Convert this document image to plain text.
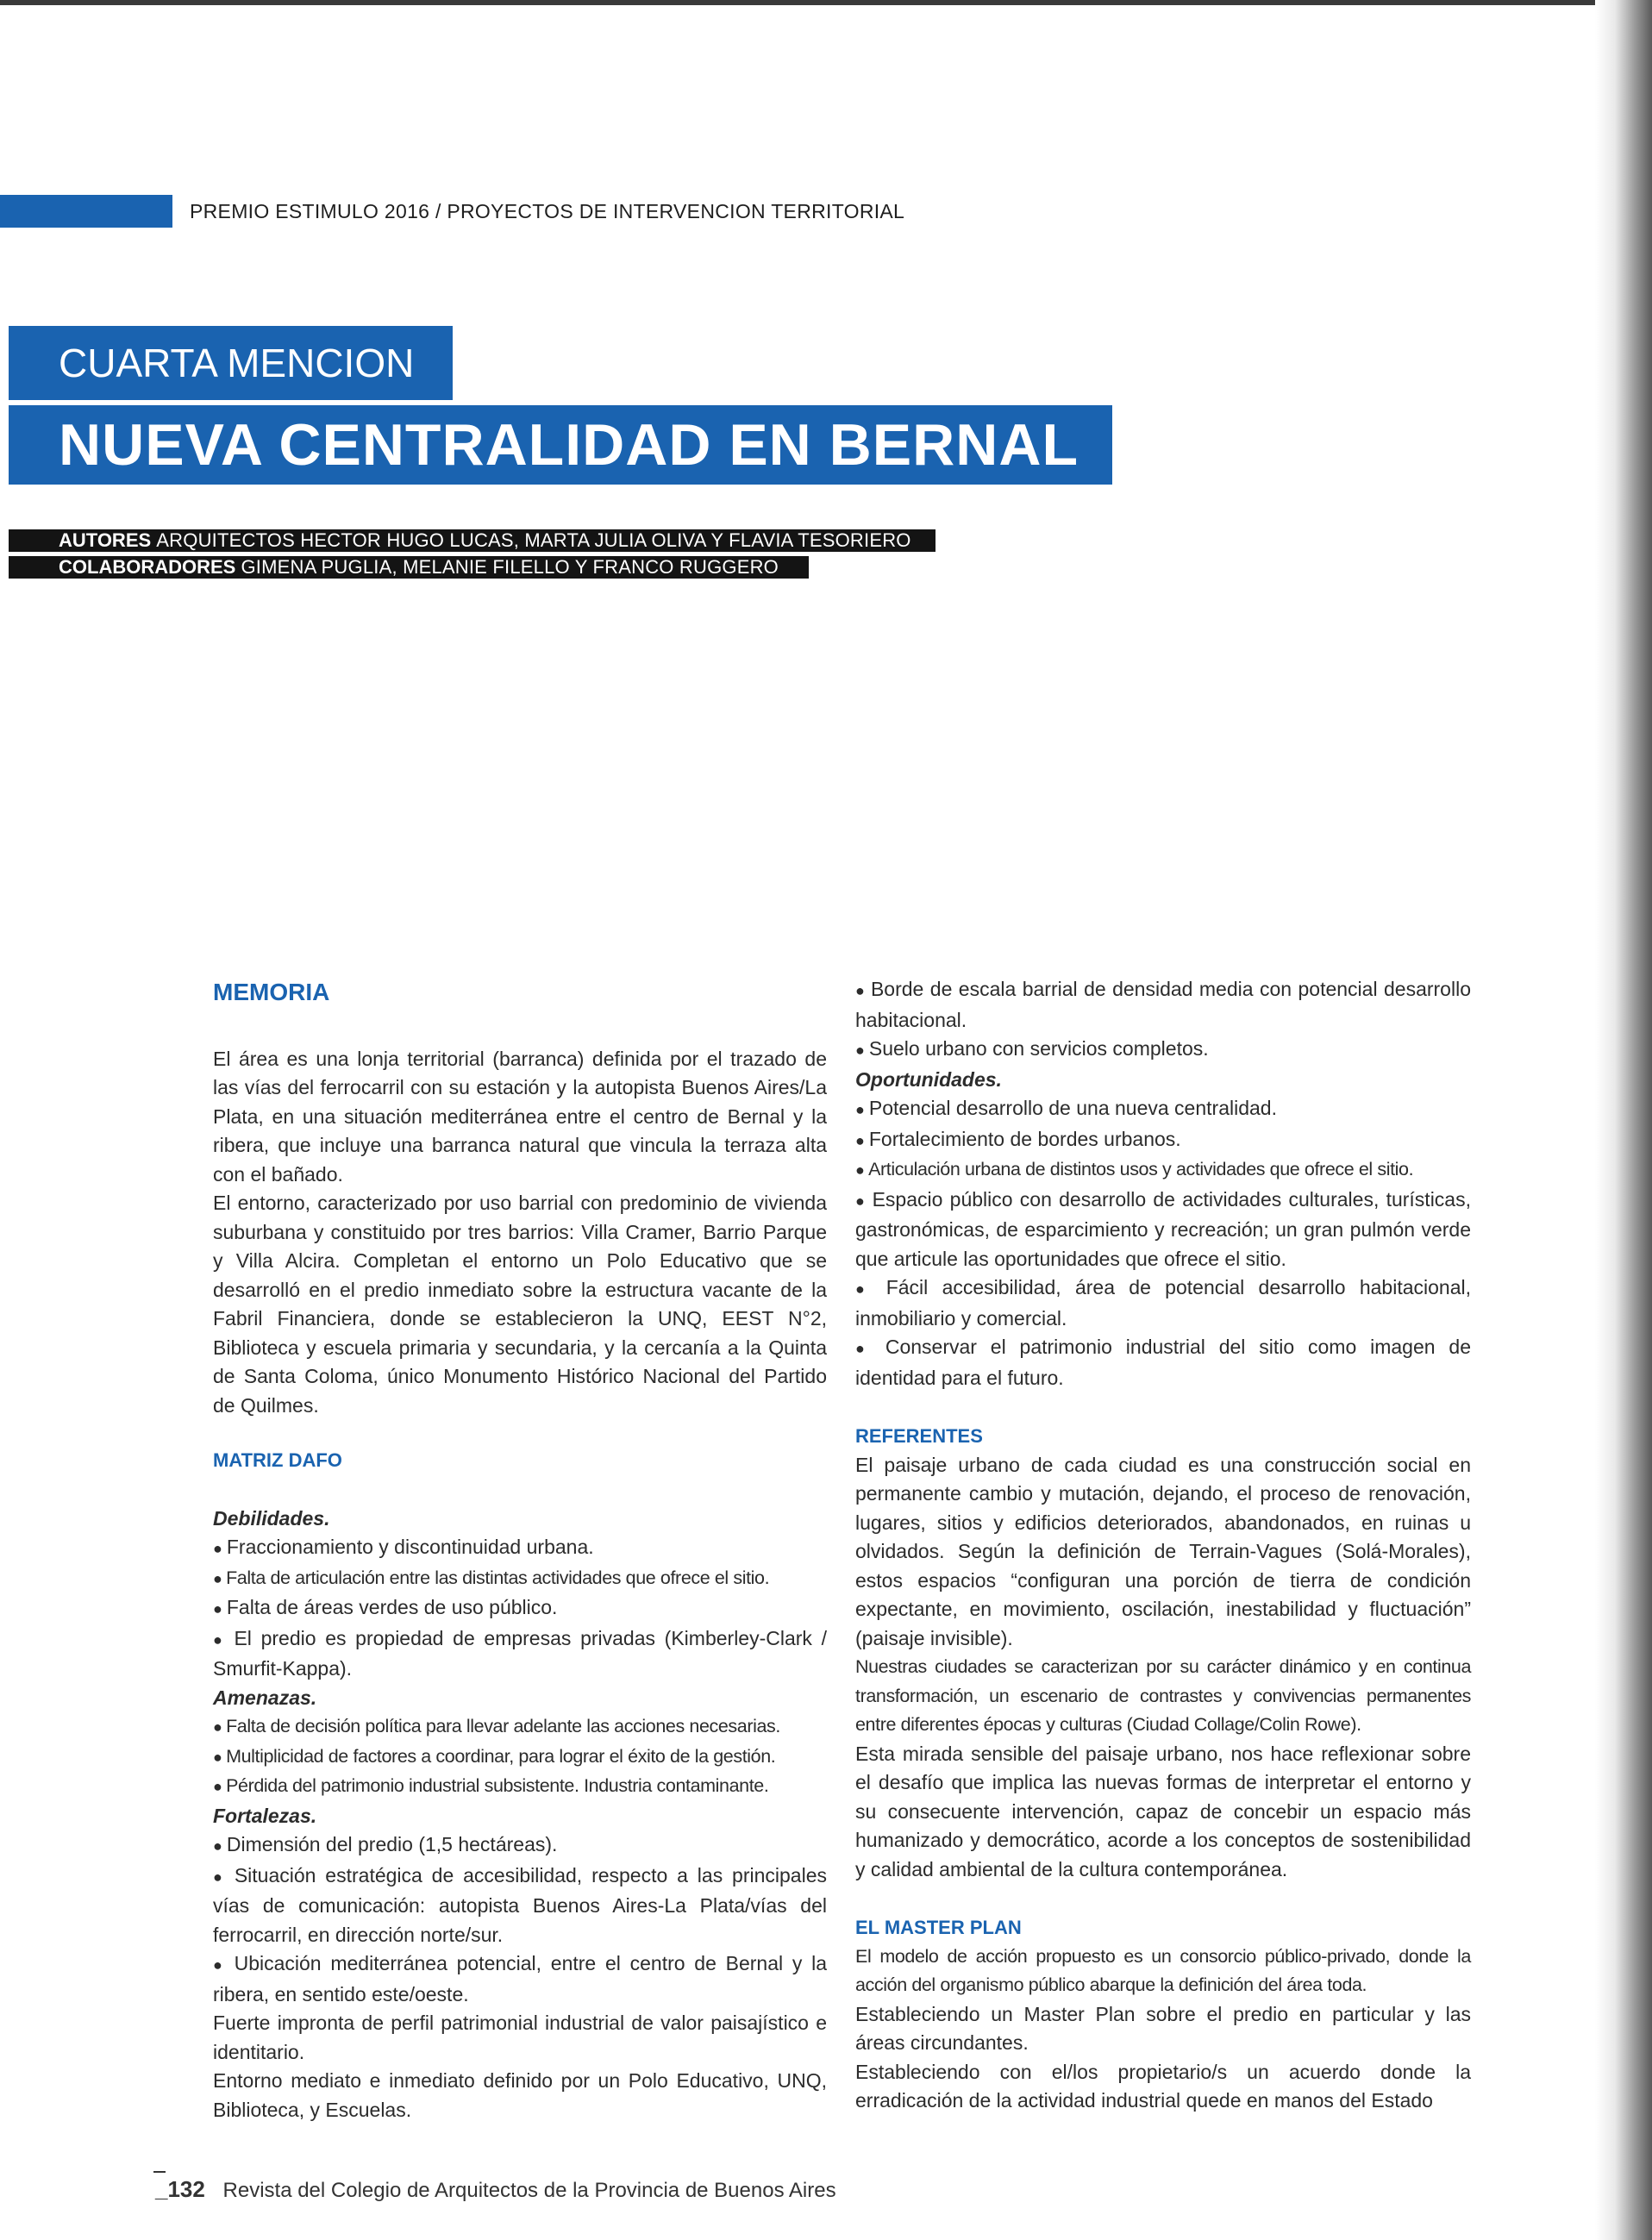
PREMIO ESTIMULO 2016 / PROYECTOS DE INTERVENCION TERRITORIAL
CUARTA MENCION
NUEVA CENTRALIDAD EN BERNAL
AUTORES ARQUITECTOS HECTOR HUGO LUCAS, MARTA JULIA OLIVA Y FLAVIA TESORIERO
COLABORADORES GIMENA PUGLIA, MELANIE FILELLO Y FRANCO RUGGERO

MEMORIA

El área es una lonja territorial (barranca) definida por el trazado de las vías del ferrocarril con su estación y la autopista Buenos Aires/La Plata, en una situación mediterránea entre el centro de Bernal y la ribera, que incluye una barranca natural que vincula la terraza alta con el bañado.

El entorno, caracterizado por uso barrial con predominio de vivienda suburbana y constituido por tres barrios: Villa Cramer, Barrio Parque y Villa Alcira. Completan el entorno un Polo Educativo que se desarrolló en el predio inmediato sobre la estructura vacante de la Fabril Financiera, donde se establecieron la UNQ, EEST N°2, Biblioteca y escuela primaria y secundaria, y la cercanía a la Quinta de Santa Coloma, único Monumento Histórico Nacional del Partido de Quilmes.

MATRIZ DAFO

Debilidades.

● Fraccionamiento y discontinuidad urbana.

● Falta de articulación entre las distintas actividades que ofrece el sitio.

● Falta de áreas verdes de uso público.

● El predio es propiedad de empresas privadas (Kimberley-Clark / Smurfit-Kappa).

Amenazas.

● Falta de decisión política para llevar adelante las acciones necesarias.

● Multiplicidad de factores a coordinar, para lograr el éxito de la gestión.

● Pérdida del patrimonio industrial subsistente. Industria contaminante.

Fortalezas.

● Dimensión del predio (1,5 hectáreas).

● Situación estratégica de accesibilidad, respecto a las principales vías de comunicación: autopista Buenos Aires-La Plata/vías del ferrocarril, en dirección norte/sur.

● Ubicación mediterránea potencial, entre el centro de Bernal y la ribera, en sentido este/oeste.

Fuerte impronta de perfil patrimonial industrial de valor paisajístico e identitario.

Entorno mediato e inmediato definido por un Polo Educativo, UNQ, Biblioteca, y Escuelas.

● Borde de escala barrial de densidad media con potencial desarrollo habitacional.

● Suelo urbano con servicios completos.

Oportunidades.

● Potencial desarrollo de una nueva centralidad.

● Fortalecimiento de bordes urbanos.

● Articulación urbana de distintos usos y actividades que ofrece el sitio.

● Espacio público con desarrollo de actividades culturales, turísticas, gastronómicas, de esparcimiento y recreación; un gran pulmón verde que articule las oportunidades que ofrece el sitio.

● Fácil accesibilidad, área de potencial desarrollo habitacional, inmobiliario y comercial.

● Conservar el patrimonio industrial del sitio como imagen de identidad para el futuro.

REFERENTES

El paisaje urbano de cada ciudad es una construcción social en permanente cambio y mutación, dejando, el proceso de renovación, lugares, sitios y edificios deteriorados, abandonados, en ruinas u olvidados. Según la definición de Terrain-Vagues (Solá-Morales), estos espacios “configuran una porción de tierra de condición expectante, en movimiento, oscilación, inestabilidad y fluctuación” (paisaje invisible).

Nuestras ciudades se caracterizan por su carácter dinámico y en continua transformación, un escenario de contrastes y convivencias permanentes entre diferentes épocas y culturas (Ciudad Collage/Colin Rowe).

Esta mirada sensible del paisaje urbano, nos hace reflexionar sobre el desafío que implica las nuevas formas de interpretar el entorno y su consecuente intervención, capaz de concebir un espacio más humanizado y democrático, acorde a los conceptos de sostenibilidad y calidad ambiental de la cultura contemporánea.

EL MASTER PLAN

El modelo de acción propuesto es un consorcio público-privado, donde la acción del organismo público abarque la definición del área toda.

Estableciendo un Master Plan sobre el predio en particular y las áreas circundantes.

Estableciendo con el/los propietario/s un acuerdo donde la erradicación de la actividad industrial quede en manos del Estado

_132 Revista del Colegio de Arquitectos de la Provincia de Buenos Aires
